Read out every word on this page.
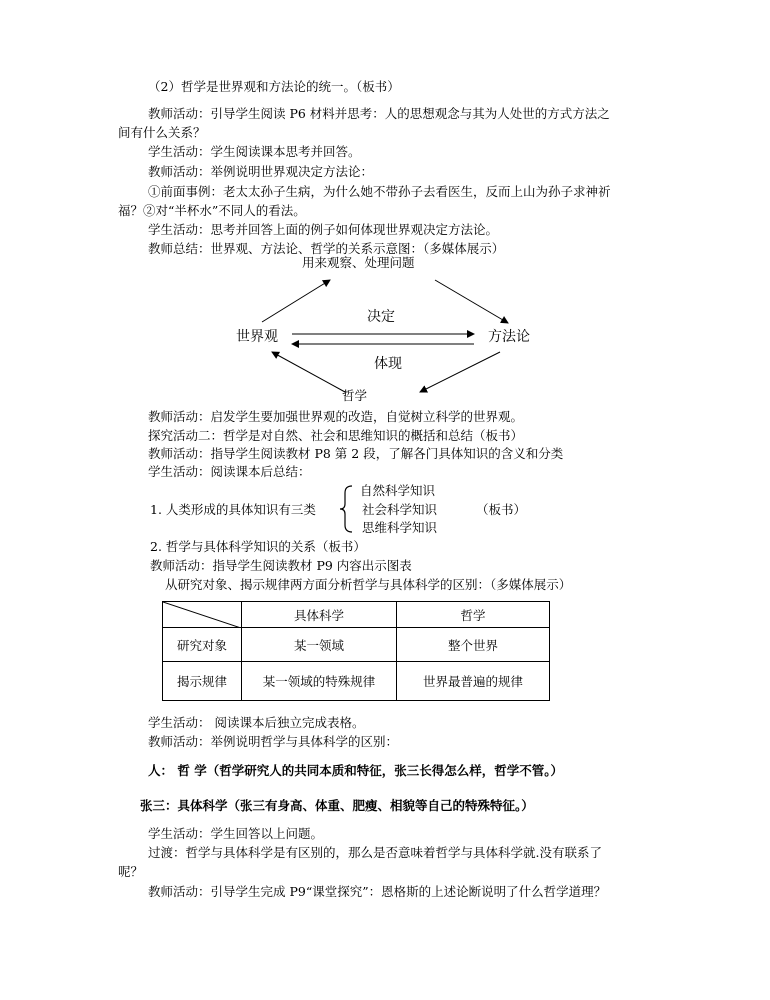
（2）哲学是世界观和方法论的统一。（板书）
教师活动：引导学生阅读 P6 材料并思考：人的思想观念与其为人处世的方式方法之
间有什么关系？
学生活动：学生阅读课本思考并回答。
教师活动：举例说明世界观决定方法论：
①前面事例：老太太孙子生病，为什么她不带孙子去看医生，反而上山为孙子求神祈
福？②对“半杯水”不同人的看法。
学生活动：思考并回答上面的例子如何体现世界观决定方法论。
教师总结：世界观、方法论、哲学的关系示意图：（多媒体展示）
用来观察、处理问题
世界观	方法论
决定
体现
哲学
教师活动：启发学生要加强世界观的改造，自觉树立科学的世界观。
探究活动二：哲学是对自然、社会和思维知识的概括和总结（板书）
教师活动：指导学生阅读教材 P8 第 2 段，了解各门具体知识的含义和分类
学生活动：阅读课本后总结：
1. 人类形成的具体知识有三类
自然科学知识
社会科学知识
思维科学知识
（板书）
2. 哲学与具体科学知识的关系（板书）
教师活动：指导学生阅读教材 P9 内容出示图表
从研究对象、揭示规律两方面分析哲学与具体科学的区别：（多媒体展示）
	具体科学	哲学
研究对象	某一领域	整个世界
揭示规律	某一领域的特殊规律	世界最普遍的规律
学生活动： 阅读课本后独立完成表格。
教师活动：举例说明哲学与具体科学的区别：
人： 哲 学（哲学研究人的共同本质和特征，张三长得怎么样，哲学不管。）
张三：具体科学（张三有身高、体重、肥瘦、相貌等自己的特殊特征。）
学生活动：学生回答以上问题。
过渡：哲学与具体科学是有区别的，那么是否意味着哲学与具体科学就.没有联系了
呢？
教师活动：引导学生完成 P9“课堂探究”：恩格斯的上述论断说明了什么哲学道理？
